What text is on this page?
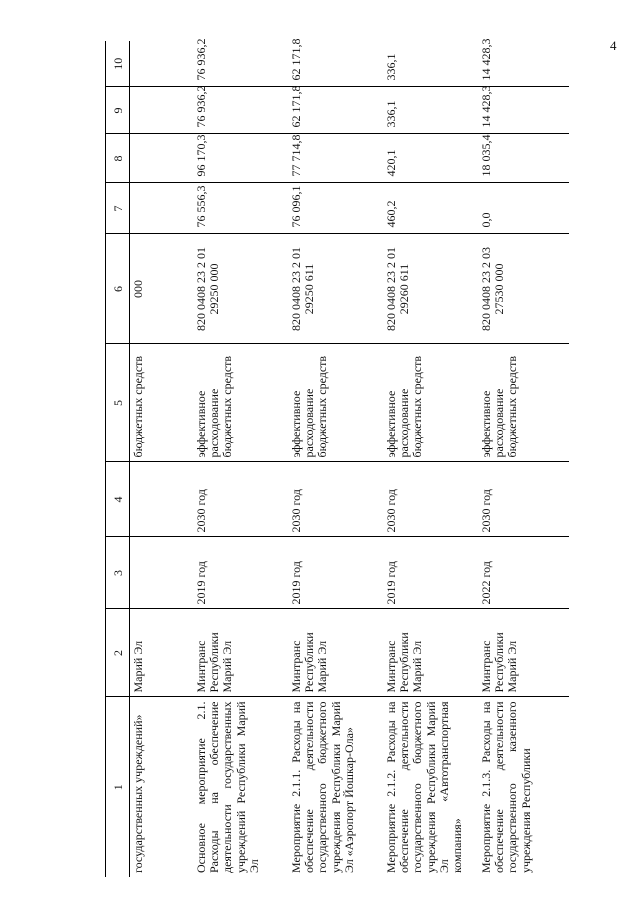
4
1	2	3	4	5	6	7	8	9	10
государственных учреждений»	Марий Эл			бюджетных средств	000				
Основное мероприятие 2.1. Расходы на обеспечение деятельности государственных учреждений Республики Марий Эл	Минтранс Республики Марий Эл	2019 год	2030 год	эффективное расходование бюджетных средств	820 0408 23 2 01 29250 000	76 556,3	96 170,3	76 936,2	76 936,2
Мероприятие 2.1.1. Расходы на обеспечение деятельности государственного бюджетного учреждения Республики Марий Эл «Аэропорт Йошкар-Ола»	Минтранс Республики Марий Эл	2019 год	2030 год	эффективное расходование бюджетных средств	820 0408 23 2 01 29250 611	76 096,1	77 714,8	62 171,8	62 171,8
Мероприятие 2.1.2. Расходы на обеспечение деятельности государственного бюджетного учреждения Республики Марий Эл «Автотранспортная компания»	Минтранс Республики Марий Эл	2019 год	2030 год	эффективное расходование бюджетных средств	820 0408 23 2 01 29260 611	460,2	420,1	336,1	336,1
Мероприятие 2.1.3. Расходы на обеспечение деятельности государственного казенного учреждения Республики	Минтранс Республики Марий Эл	2022 год	2030 год	эффективное расходование бюджетных средств	820 0408 23 2 03 27530 000	0,0	18 035,4	14 428,3	14 428,3
